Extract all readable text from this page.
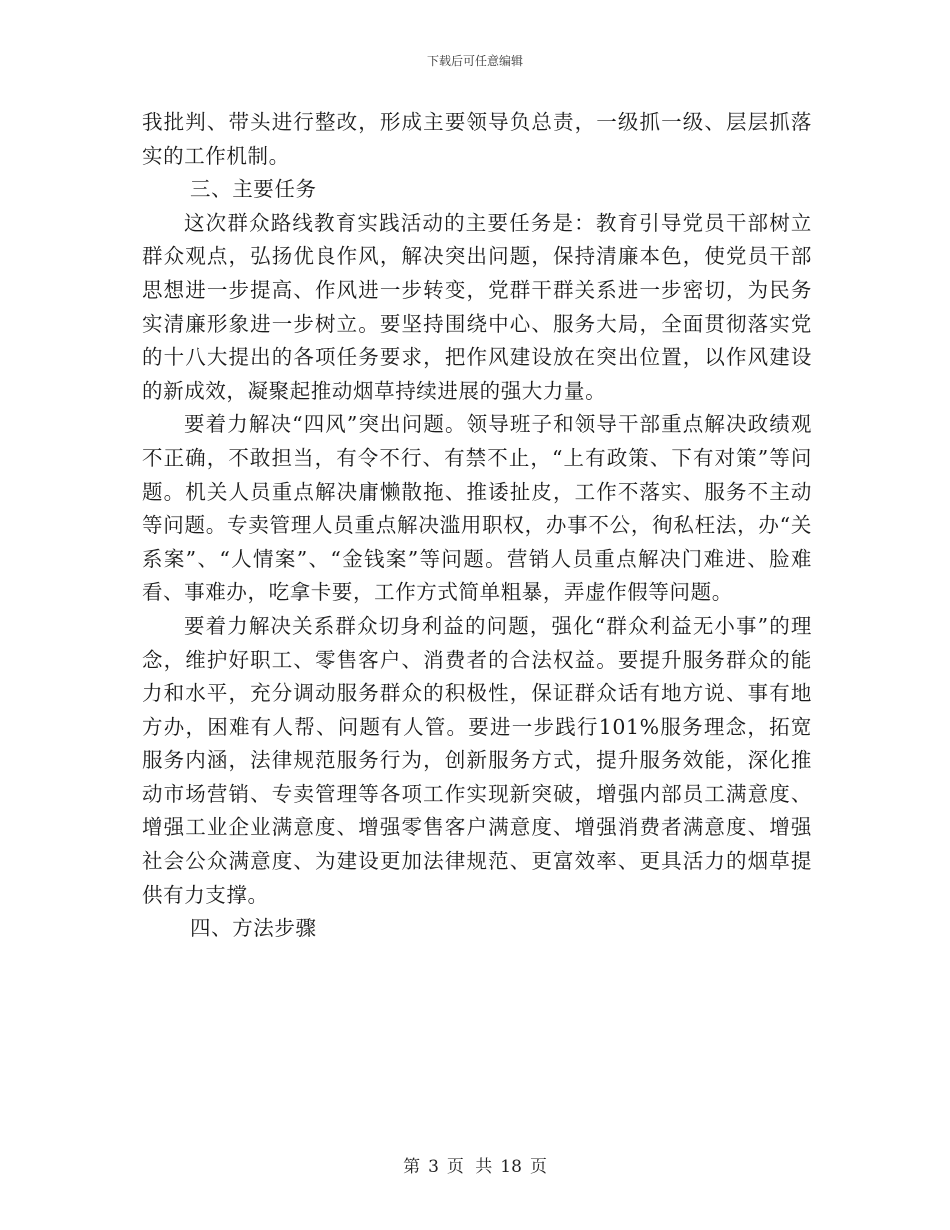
下载后可任意编辑

我批判、带头进行整改，形成主要领导负总责，一级抓一级、层层抓落实的工作机制。

三、主要任务

这次群众路线教育实践活动的主要任务是：教育引导党员干部树立群众观点，弘扬优良作风，解决突出问题，保持清廉本色，使党员干部思想进一步提高、作风进一步转变，党群干群关系进一步密切，为民务实清廉形象进一步树立。要坚持围绕中心、服务大局，全面贯彻落实党的十八大提出的各项任务要求，把作风建设放在突出位置，以作风建设的新成效，凝聚起推动烟草持续进展的强大力量。

要着力解决“四风”突出问题。领导班子和领导干部重点解决政绩观不正确，不敢担当，有令不行、有禁不止，“上有政策、下有对策”等问题。机关人员重点解决庸懒散拖、推诿扯皮，工作不落实、服务不主动等问题。专卖管理人员重点解决滥用职权，办事不公，徇私枉法，办“关系案”、“人情案”、“金钱案”等问题。营销人员重点解决门难进、脸难看、事难办，吃拿卡要，工作方式简单粗暴，弄虚作假等问题。

要着力解决关系群众切身利益的问题，强化“群众利益无小事”的理念，维护好职工、零售客户、消费者的合法权益。要提升服务群众的能力和水平，充分调动服务群众的积极性，保证群众话有地方说、事有地方办，困难有人帮、问题有人管。要进一步践行101%服务理念，拓宽服务内涵，法律规范服务行为，创新服务方式，提升服务效能，深化推动市场营销、专卖管理等各项工作实现新突破，增强内部员工满意度、增强工业企业满意度、增强零售客户满意度、增强消费者满意度、增强社会公众满意度、为建设更加法律规范、更富效率、更具活力的烟草提供有力支撑。

四、方法步骤

第 3 页 共 18 页
